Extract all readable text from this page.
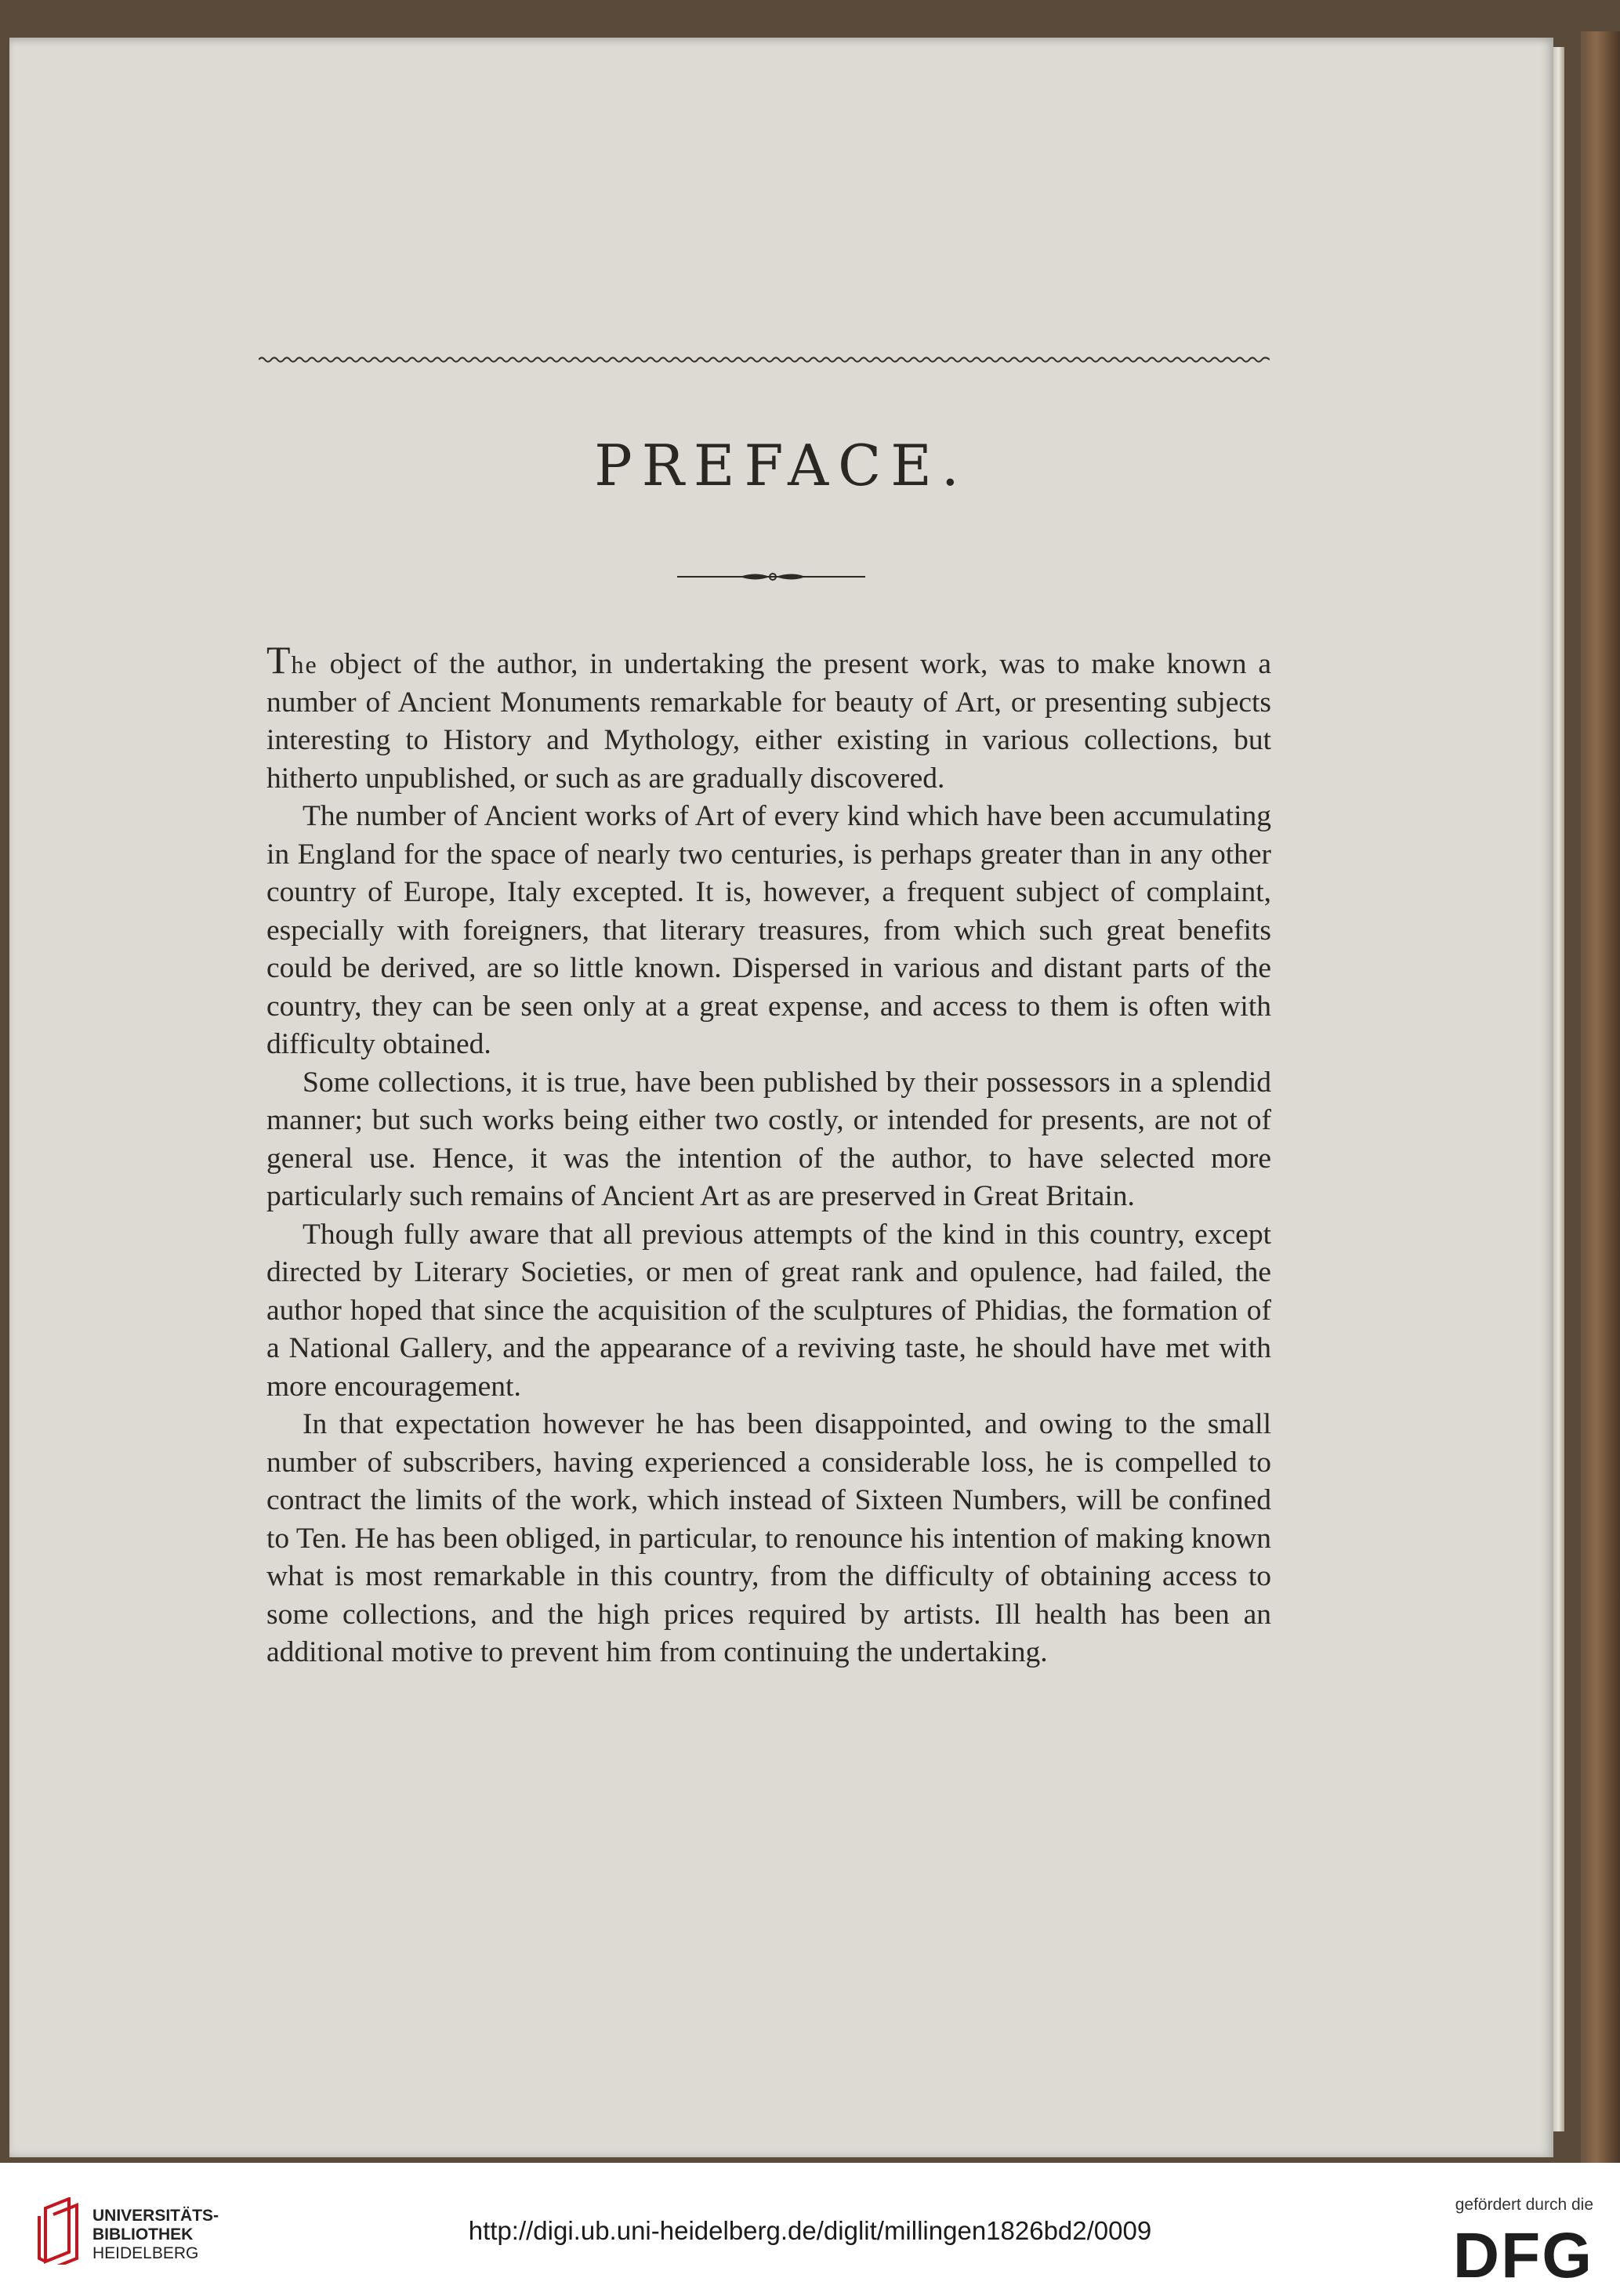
PREFACE.

The object of the author, in undertaking the present work, was to make known a number of Ancient Monuments remarkable for beauty of Art, or presenting subjects interesting to History and Mythology, either existing in various collections, but hitherto unpublished, or such as are gradually discovered.

The number of Ancient works of Art of every kind which have been accumulating in England for the space of nearly two centuries, is perhaps greater than in any other country of Europe, Italy excepted. It is, however, a frequent subject of complaint, especially with foreigners, that literary treasures, from which such great benefits could be derived, are so little known. Dispersed in various and distant parts of the country, they can be seen only at a great expense, and access to them is often with difficulty obtained.

Some collections, it is true, have been published by their possessors in a splendid manner; but such works being either two costly, or intended for presents, are not of general use. Hence, it was the intention of the author, to have selected more particularly such remains of Ancient Art as are preserved in Great Britain.

Though fully aware that all previous attempts of the kind in this country, except directed by Literary Societies, or men of great rank and opulence, had failed, the author hoped that since the acquisition of the sculptures of Phidias, the formation of a National Gallery, and the appearance of a reviving taste, he should have met with more encouragement.

In that expectation however he has been disappointed, and owing to the small number of subscribers, having experienced a considerable loss, he is compelled to contract the limits of the work, which instead of Sixteen Numbers, will be confined to Ten. He has been obliged, in particular, to renounce his intention of making known what is most remarkable in this country, from the difficulty of obtaining access to some collections, and the high prices required by artists. Ill health has been an additional motive to prevent him from continuing the undertaking.

UNIVERSITÄTS-
BIBLIOTHEK
HEIDELBERG
http://digi.ub.uni-heidelberg.de/diglit/millingen1826bd2/0009
gefördert durch die
DFG
